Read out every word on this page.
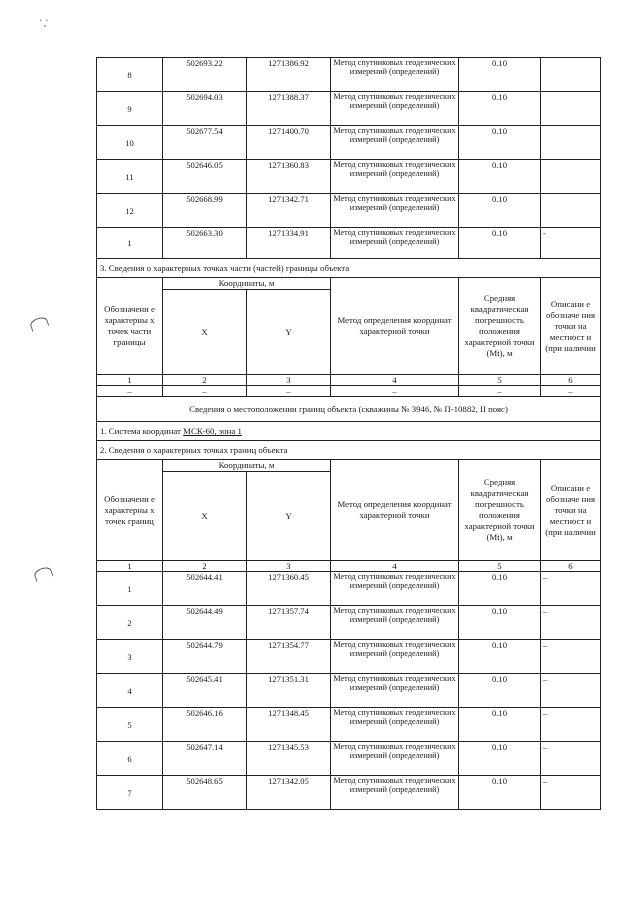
' ,'
8	502693.22	1271386.92	Метод спутниковых геодезических измерений (определений)	0.10	
9	502694.03	1271388.37	Метод спутниковых геодезических измерений (определений)	0.10	
10	502677.54	1271400.70	Метод спутниковых геодезических измерений (определений)	0.10	
11	502646.05	1271360.83	Метод спутниковых геодезических измерений (определений)	0.10	
12	502668.99	1271342.71	Метод спутниковых геодезических измерений (определений)	0.10	
1	502663.30	1271334.91	Метод спутниковых геодезических измерений (определений)	0.10	-
3. Сведения о характерных точках части (частей) границы объекта					
Обозначени е характерны х точек части границы	Координаты, м		Метод определения координат характерной точки	Средняя квадратическая погрешность положения характерной точки (Mt), м	Описани е обозначе ния точки на местност и (при наличии
	X	Y			
1	2	3	4	5	6
–	–	–	–	–	–
Сведения о местоположении границ объекта (скважины № 3946, № П-10882, II пояс)					
1. Система координат МСК-60, зона 1					
2. Сведения о характерных точках границ объекта					
Обозначени е характерны х точек границ	Координаты, м		Метод определения координат характерной точки	Средняя квадратическая погрешность положения характерной точки (Mt), м	Описани е обозначе ния точки на местност и (при наличии
	X	Y			
1	2	3	4	5	6
1	502644.41	1271360.45	Метод спутниковых геодезических измерений (определений)	0.10	–
2	502644.49	1271357.74	Метод спутниковых геодезических измерений (определений)	0.10	–
3	502644.79	1271354.77	Метод спутниковых геодезических измерений (определений)	0.10	–
4	502645.41	1271351.31	Метод спутниковых геодезических измерений (определений)	0.10	–
5	502646.16	1271348.45	Метод спутниковых геодезических измерений (определений)	0.10	–
6	502647.14	1271345.53	Метод спутниковых геодезических измерений (определений)	0.10	–
7	502648.65	1271342.05	Метод спутниковых геодезических измерений (определений)	0.10	–
